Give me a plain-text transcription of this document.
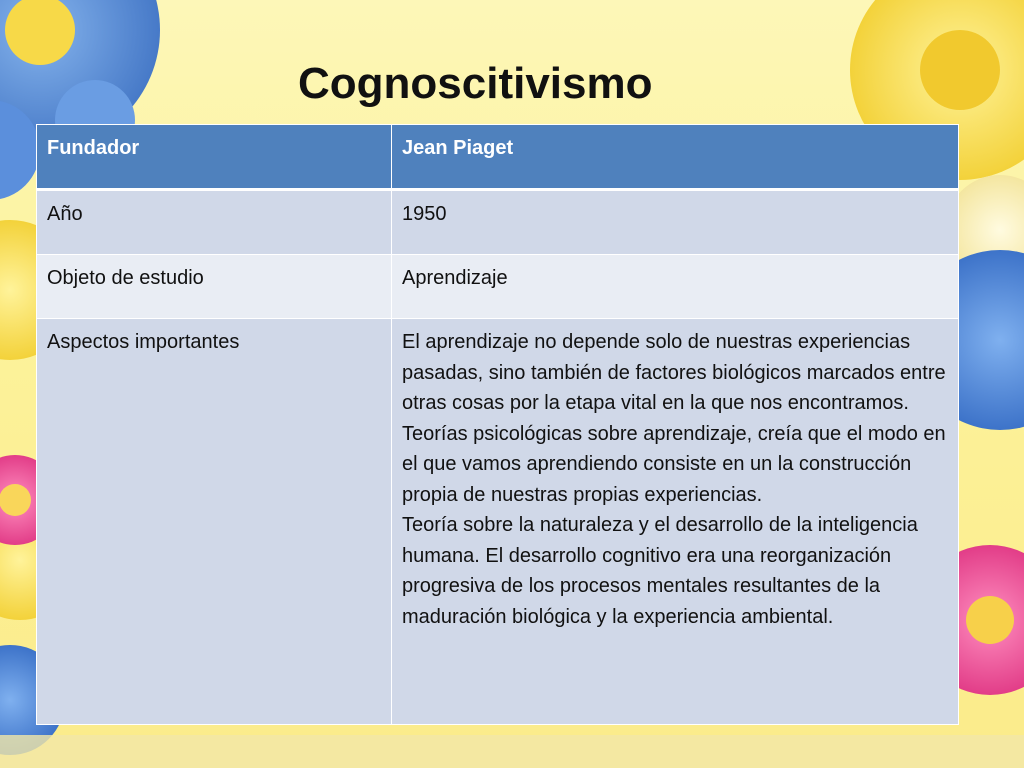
Cognoscitivismo
Fundador	Jean Piaget
Año	1950
Objeto de estudio	Aprendizaje
Aspectos importantes	El aprendizaje no depende solo de nuestras experiencias pasadas, sino también de factores biológicos marcados entre otras cosas por la etapa vital en la que nos encontramos.
Teorías psicológicas sobre aprendizaje, creía que el modo en el que vamos aprendiendo consiste en un la construcción propia de nuestras propias experiencias.
Teoría sobre la naturaleza y el desarrollo de la inteligencia humana. El desarrollo cognitivo era una reorganización progresiva de los procesos mentales resultantes de la maduración biológica y la experiencia ambiental.
